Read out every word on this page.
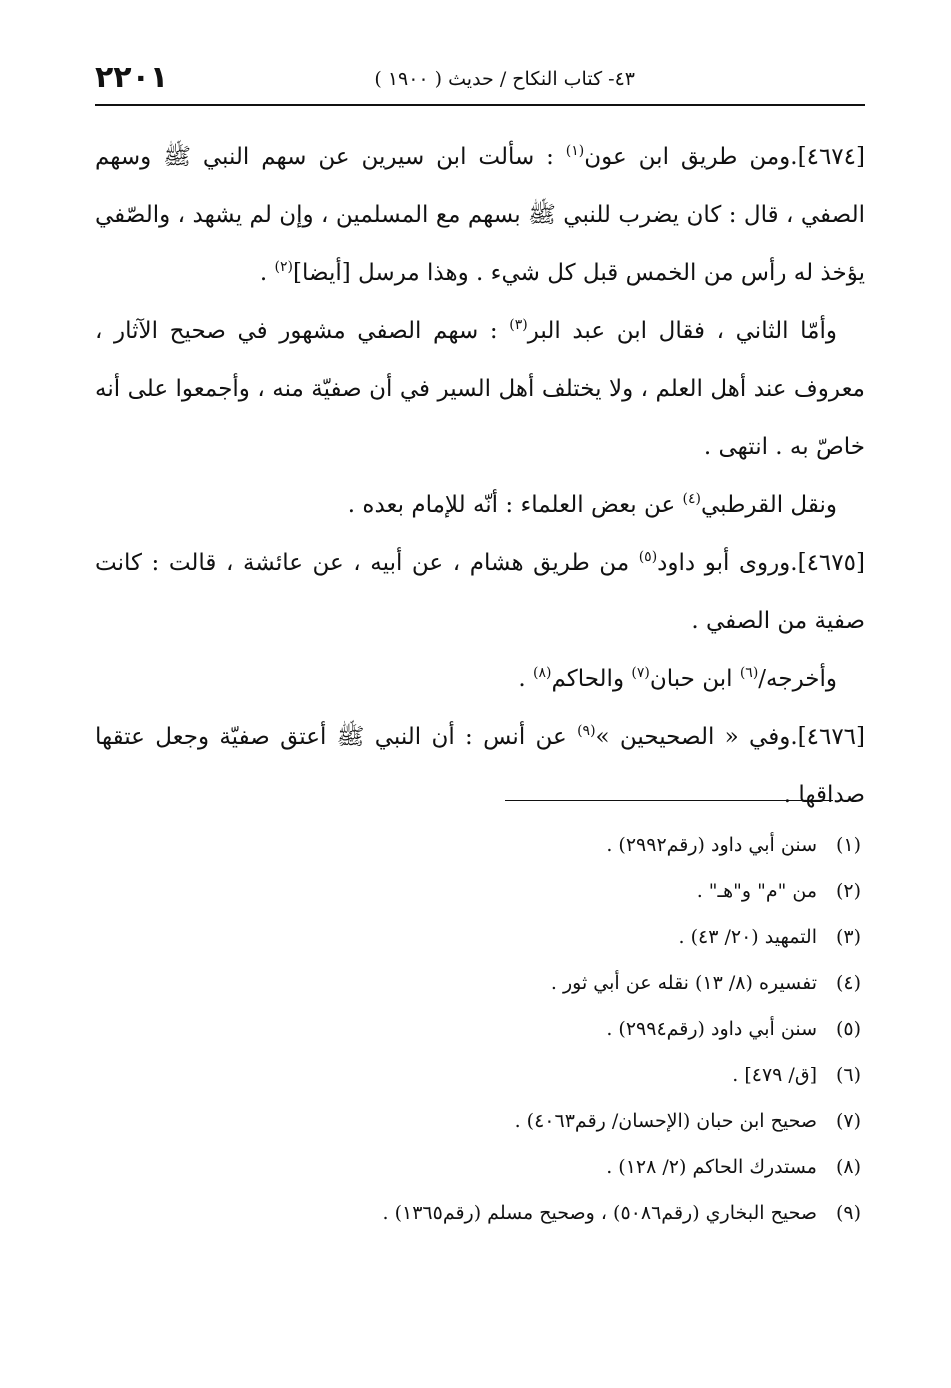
٢٢٠١	٤٣- كتاب النكاح / حديث ( ١٩٠٠ )

[٤٦٧٤].ومن طريق ابن عون$^{(١)}$ : سألت ابن سيرين عن سهم النبي ﷺ وسهم الصفي ، قال : كان يضرب للنبي ﷺ بسهم مع المسلمين ، وإن لم يشهد ، والصّفي يؤخذ له رأس من الخمس قبل كل شيء . وهذا مرسل [أيضا]$^{(٢)}$ .

وأمّا الثاني ، فقال ابن عبد البر$^{(٣)}$ : سهم الصفي مشهور في صحيح الآثار ، معروف عند أهل العلم ، ولا يختلف أهل السير في أن صفيّة منه ، وأجمعوا على أنه خاصّ به . انتهى .

ونقل القرطبي$^{(٤)}$ عن بعض العلماء : أنّه للإمام بعده .

[٤٦٧٥].وروى أبو داود$^{(٥)}$ من طريق هشام ، عن أبيه ، عن عائشة ، قالت : كانت صفية من الصفي .

وأخرجه/$^{(٦)}$ ابن حبان$^{(٧)}$ والحاكم$^{(٨)}$ .

[٤٦٧٦].وفي « الصحيحين »$^{(٩)}$ عن أنس : أن النبي ﷺ أعتق صفيّة وجعل عتقها صداقها .

(١)سنن أبي داود (رقم٢٩٩٢) .
(٢)من "م" و"هـ" .
(٣)التمهيد (٢٠/ ٤٣) .
(٤)تفسيره (٨/ ١٣) نقله عن أبي ثور .
(٥)سنن أبي داود (رقم٢٩٩٤) .
(٦)[ق/ ٤٧٩] .
(٧)صحيح ابن حبان (الإحسان/ رقم٤٠٦٣) .
(٨)مستدرك الحاكم (٢/ ١٢٨) .
(٩)صحيح البخاري (رقم٥٠٨٦) ، وصحيح مسلم (رقم١٣٦٥) .
